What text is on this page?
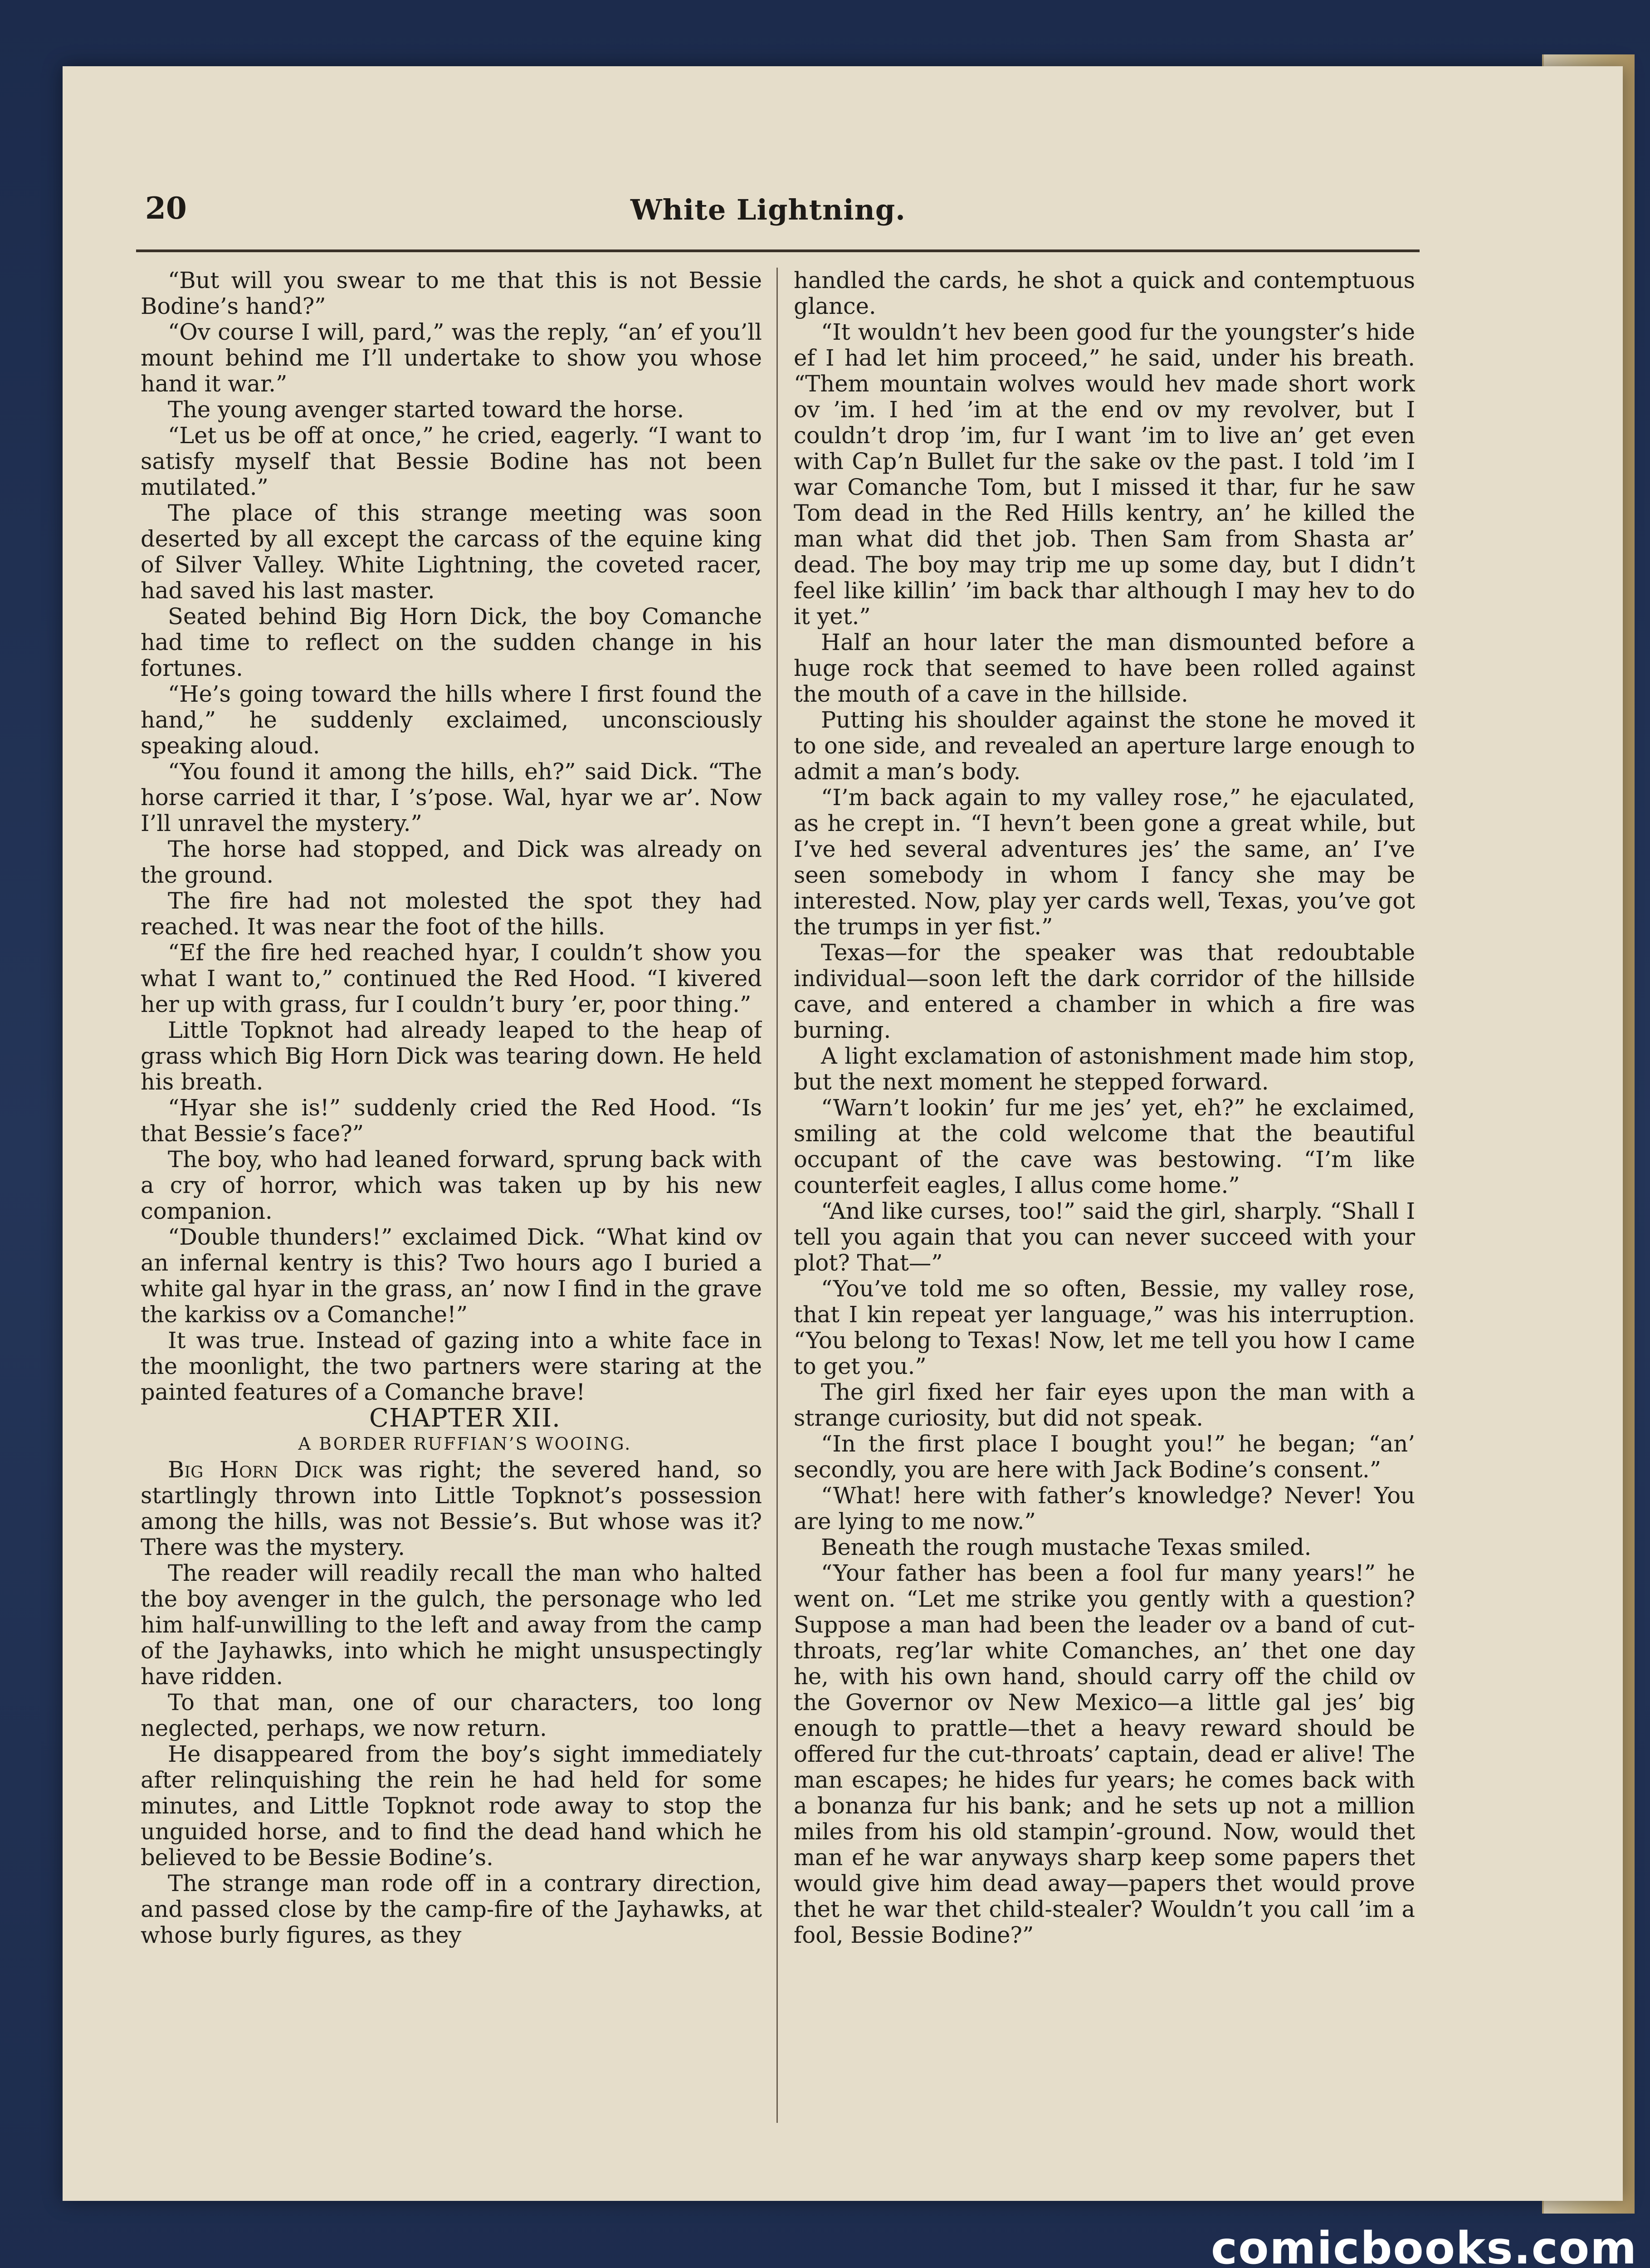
20	White Lightning.

“But will you swear to me that this is not Bessie Bodine’s hand?”

“Ov course I will, pard,” was the reply, “an’ ef you’ll mount behind me I’ll undertake to show you whose hand it war.”

The young avenger started toward the horse.

“Let us be off at once,” he cried, eagerly. “I want to satisfy myself that Bessie Bodine has not been mutilated.”

The place of this strange meeting was soon deserted by all except the carcass of the equine king of Silver Valley. White Lightning, the coveted racer, had saved his last master.

Seated behind Big Horn Dick, the boy Comanche had time to reflect on the sudden change in his fortunes.

“He’s going toward the hills where I first found the hand,” he suddenly exclaimed, unconsciously speaking aloud.

“You found it among the hills, eh?” said Dick. “The horse carried it thar, I ’s’pose. Wal, hyar we ar’. Now I’ll unravel the mystery.”

The horse had stopped, and Dick was already on the ground.

The fire had not molested the spot they had reached. It was near the foot of the hills.

“Ef the fire hed reached hyar, I couldn’t show you what I want to,” continued the Red Hood. “I kivered her up with grass, fur I couldn’t bury ’er, poor thing.”

Little Topknot had already leaped to the heap of grass which Big Horn Dick was tearing down. He held his breath.

“Hyar she is!” suddenly cried the Red Hood. “Is that Bessie’s face?”

The boy, who had leaned forward, sprung back with a cry of horror, which was taken up by his new companion.

“Double thunders!” exclaimed Dick. “What kind ov an infernal kentry is this? Two hours ago I buried a white gal hyar in the grass, an’ now I find in the grave the karkiss ov a Comanche!”

It was true. Instead of gazing into a white face in the moonlight, the two partners were staring at the painted features of a Comanche brave!

CHAPTER XII.

A BORDER RUFFIAN’S WOOING.

Big Horn Dick was right; the severed hand, so startlingly thrown into Little Topknot’s possession among the hills, was not Bessie’s. But whose was it? There was the mystery.

The reader will readily recall the man who halted the boy avenger in the gulch, the personage who led him half-unwilling to the left and away from the camp of the Jayhawks, into which he might unsuspectingly have ridden.

To that man, one of our characters, too long neglected, perhaps, we now return.

He disappeared from the boy’s sight immediately after relinquishing the rein he had held for some minutes, and Little Topknot rode away to stop the unguided horse, and to find the dead hand which he believed to be Bessie Bodine’s.

The strange man rode off in a contrary direction, and passed close by the camp-fire of the Jayhawks, at whose burly figures, as they

handled the cards, he shot a quick and contemptuous glance.

“It wouldn’t hev been good fur the youngster’s hide ef I had let him proceed,” he said, under his breath. “Them mountain wolves would hev made short work ov ’im. I hed ’im at the end ov my revolver, but I couldn’t drop ’im, fur I want ’im to live an’ get even with Cap’n Bullet fur the sake ov the past. I told ’im I war Comanche Tom, but I missed it thar, fur he saw Tom dead in the Red Hills kentry, an’ he killed the man what did thet job. Then Sam from Shasta ar’ dead. The boy may trip me up some day, but I didn’t feel like killin’ ’im back thar although I may hev to do it yet.”

Half an hour later the man dismounted before a huge rock that seemed to have been rolled against the mouth of a cave in the hillside.

Putting his shoulder against the stone he moved it to one side, and revealed an aperture large enough to admit a man’s body.

“I’m back again to my valley rose,” he ejaculated, as he crept in. “I hevn’t been gone a great while, but I’ve hed several adventures jes’ the same, an’ I’ve seen somebody in whom I fancy she may be interested. Now, play yer cards well, Texas, you’ve got the trumps in yer fist.”

Texas—for the speaker was that redoubtable individual—soon left the dark corridor of the hillside cave, and entered a chamber in which a fire was burning.

A light exclamation of astonishment made him stop, but the next moment he stepped forward.

“Warn’t lookin’ fur me jes’ yet, eh?” he exclaimed, smiling at the cold welcome that the beautiful occupant of the cave was bestowing. “I’m like counterfeit eagles, I allus come home.”

“And like curses, too!” said the girl, sharply. “Shall I tell you again that you can never succeed with your plot? That—”

“You’ve told me so often, Bessie, my valley rose, that I kin repeat yer language,” was his interruption. “You belong to Texas! Now, let me tell you how I came to get you.”

The girl fixed her fair eyes upon the man with a strange curiosity, but did not speak.

“In the first place I bought you!” he began; “an’ secondly, you are here with Jack Bodine’s consent.”

“What! here with father’s knowledge? Never! You are lying to me now.”

Beneath the rough mustache Texas smiled.

“Your father has been a fool fur many years!” he went on. “Let me strike you gently with a question? Suppose a man had been the leader ov a band of cut-throats, reg’lar white Comanches, an’ thet one day he, with his own hand, should carry off the child ov the Governor ov New Mexico—a little gal jes’ big enough to prattle—thet a heavy reward should be offered fur the cut-throats’ captain, dead er alive! The man escapes; he hides fur years; he comes back with a bonanza fur his bank; and he sets up not a million miles from his old stampin’-ground. Now, would thet man ef he war anyways sharp keep some papers thet would give him dead away—papers thet would prove thet he war thet child-stealer? Wouldn’t you call ’im a fool, Bessie Bodine?”

comicbooks.com
